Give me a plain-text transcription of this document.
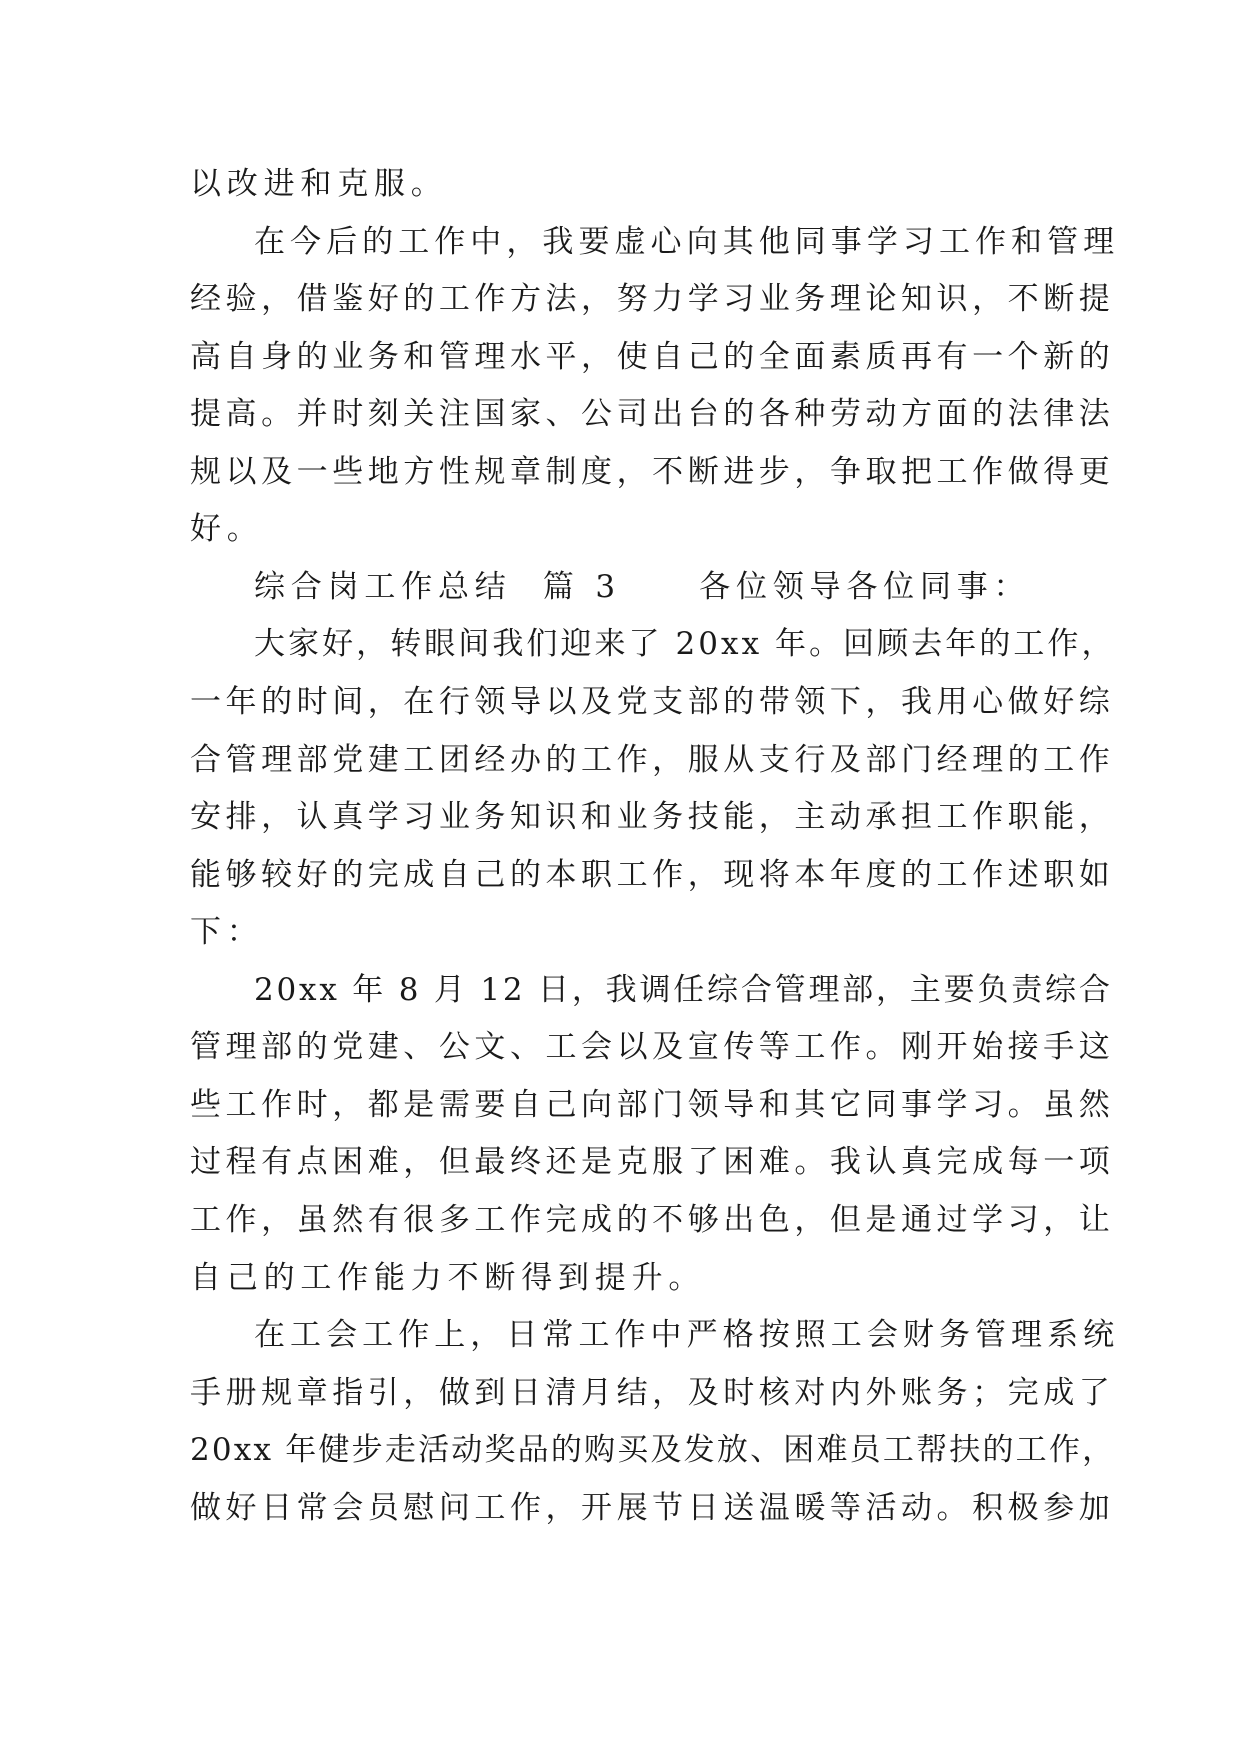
以改进和克服。
在今后的工作中，我要虚心向其他同事学习工作和管理
经验，借鉴好的工作方法，努力学习业务理论知识，不断提
高自身的业务和管理水平，使自己的全面素质再有一个新的
提高。并时刻关注国家、公司出台的各种劳动方面的法律法
规以及一些地方性规章制度，不断进步，争取把工作做得更
好。
综合岗工作总结  篇 3     各位领导各位同事：
大家好，转眼间我们迎来了 20xx 年。回顾去年的工作，
一年的时间，在行领导以及党支部的带领下，我用心做好综
合管理部党建工团经办的工作，服从支行及部门经理的工作
安排，认真学习业务知识和业务技能，主动承担工作职能，
能够较好的完成自己的本职工作，现将本年度的工作述职如
下：
20xx 年 8 月 12 日，我调任综合管理部，主要负责综合
管理部的党建、公文、工会以及宣传等工作。刚开始接手这
些工作时，都是需要自己向部门领导和其它同事学习。虽然
过程有点困难，但最终还是克服了困难。我认真完成每一项
工作，虽然有很多工作完成的不够出色，但是通过学习，让
自己的工作能力不断得到提升。
在工会工作上，日常工作中严格按照工会财务管理系统
手册规章指引，做到日清月结，及时核对内外账务；完成了
20xx 年健步走活动奖品的购买及发放、困难员工帮扶的工作，
做好日常会员慰问工作，开展节日送温暖等活动。积极参加
